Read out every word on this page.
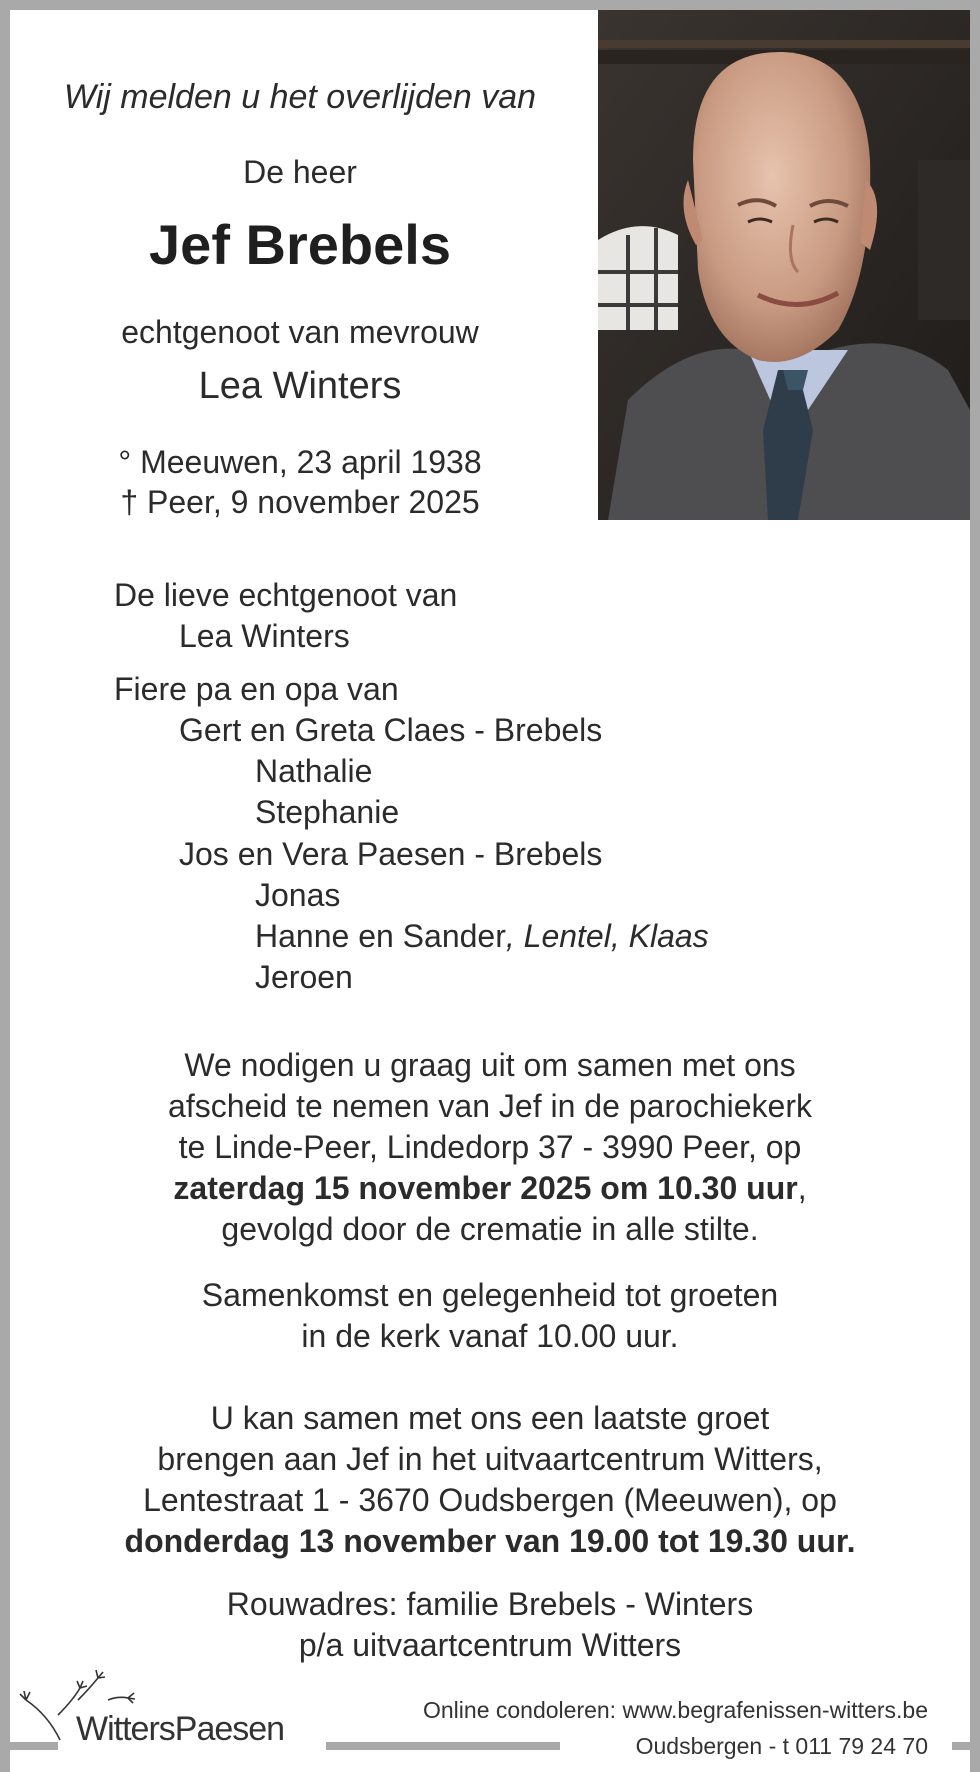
Wij melden u het overlijden van
De heer
Jef Brebels
echtgenoot van mevrouw
Lea Winters
° Meeuwen, 23 april 1938
† Peer, 9 november 2025
De lieve echtgenoot van
Lea Winters
Fiere pa en opa van
Gert en Greta Claes - Brebels
Nathalie
Stephanie
Jos en Vera Paesen - Brebels
Jonas
Hanne en Sander, Lentel, Klaas
Jeroen
We nodigen u graag uit om samen met ons
afscheid te nemen van Jef in de parochiekerk
te Linde-Peer, Lindedorp 37 - 3990 Peer, op
zaterdag 15 november 2025 om 10.30 uur,
gevolgd door de crematie in alle stilte.
Samenkomst en gelegenheid tot groeten
in de kerk vanaf 10.00 uur.
U kan samen met ons een laatste groet
brengen aan Jef in het uitvaartcentrum Witters,
Lentestraat 1 - 3670 Oudsbergen (Meeuwen), op
donderdag 13 november van 19.00 tot 19.30 uur.
Rouwadres: familie Brebels - Winters
p/a uitvaartcentrum Witters
WittersPaesen	Online condoleren: www.begrafenissen-witters.be
Oudsbergen - t 011 79 24 70
